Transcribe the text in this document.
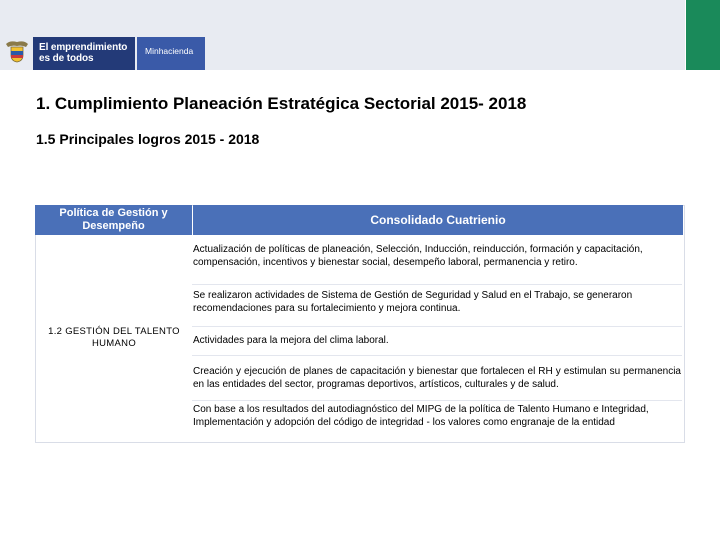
El emprendimiento
es de todos
Minhacienda
1. Cumplimiento Planeación Estratégica Sectorial 2015- 2018
1.5 Principales logros 2015 - 2018
Política de Gestión y Desempeño	Consolidado Cuatrienio
1.2 GESTIÓN DEL TALENTO HUMANO
Actualización de políticas de planeación, Selección, Inducción, reinducción, formación y capacitación, compensación, incentivos y bienestar social, desempeño laboral, permanencia y retiro.
Se realizaron actividades de Sistema de Gestión de Seguridad y Salud en el Trabajo, se generaron recomendaciones para su fortalecimiento y mejora continua.
Actividades para la mejora del clima laboral.
Creación y ejecución de planes de capacitación y bienestar que fortalecen el RH y estimulan su permanencia en las entidades del sector, programas deportivos, artísticos, culturales y de salud.
Con base a los resultados del autodiagnóstico del MIPG de la política de Talento Humano e Integridad, Implementación y adopción del código de integridad - los valores como engranaje de la entidad
